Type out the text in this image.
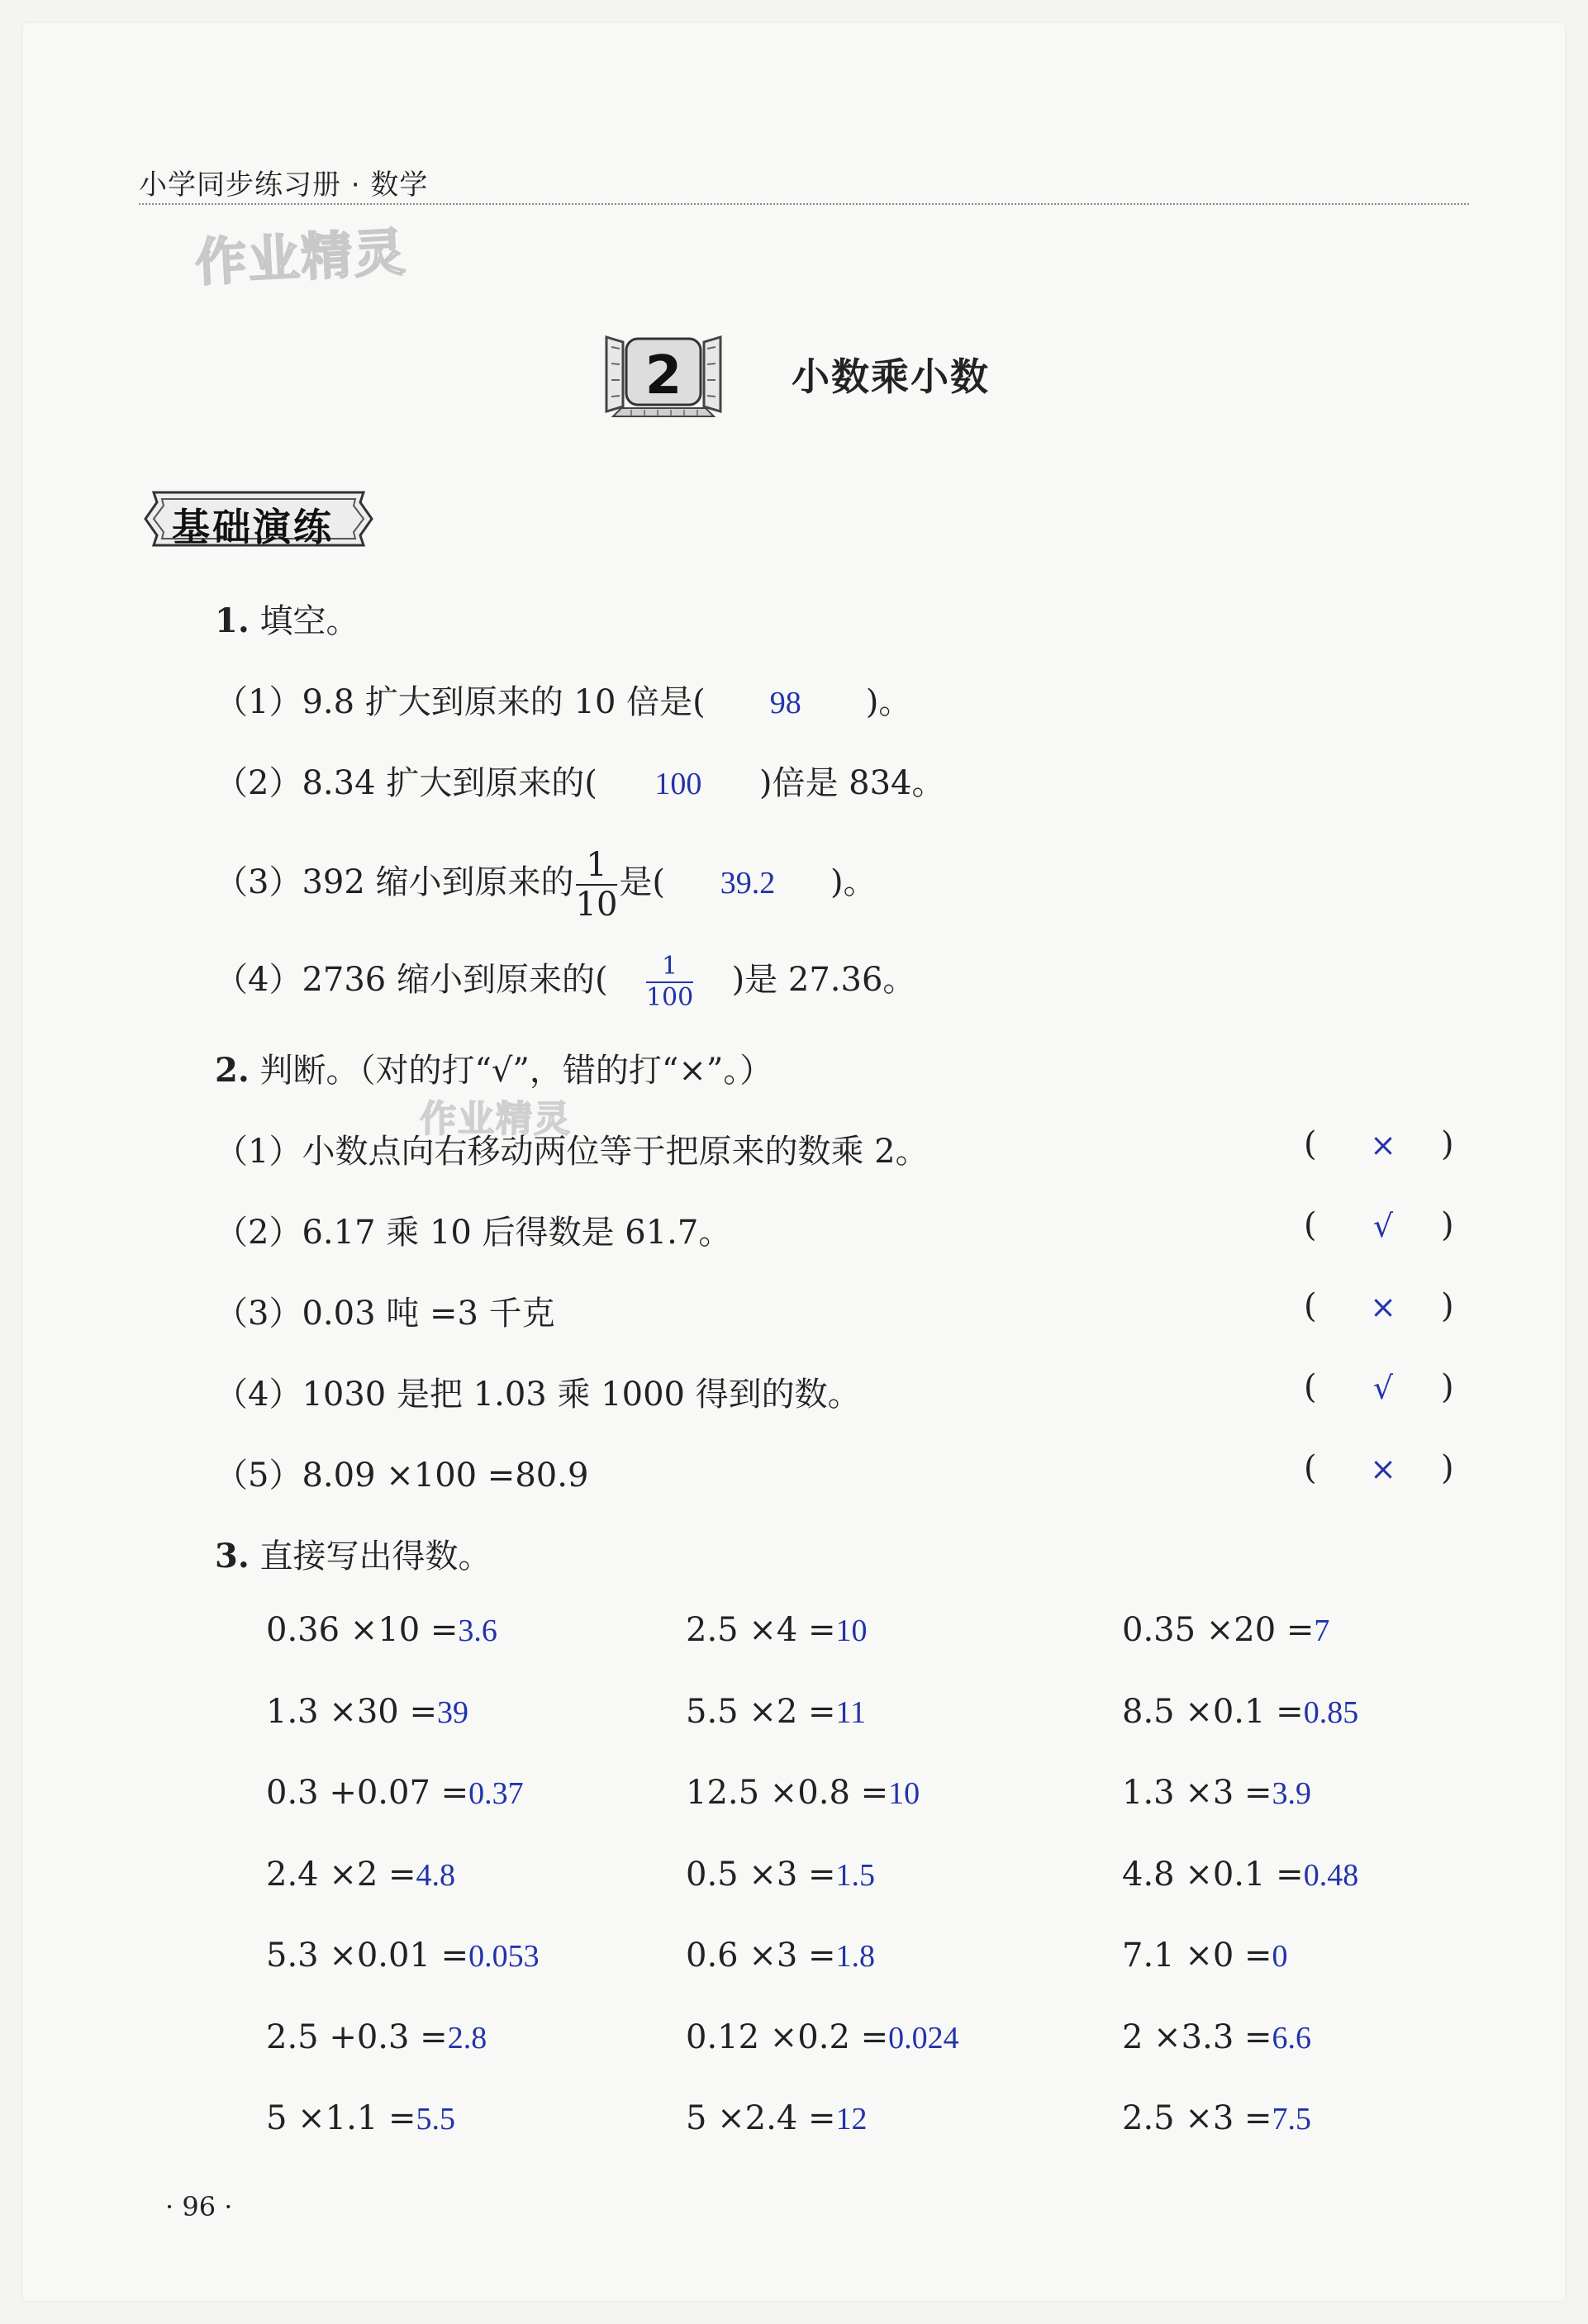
小学同步练习册 · 数学
作业精灵
作业精灵
2	小数乘小数
基础演练
1. 填空。
（1）9.8 扩大到原来的 10 倍是( 98 )。
（2）8.34 扩大到原来的( 100 )倍是 834。
（3）392 缩小到原来的 $\frac{1}{10}$ 是( 39.2 )。
（4）2736 缩小到原来的( $\frac{1}{100}$ )是 27.36。
2. 判断。（对的打“√”，错的打“×”。）
（1）小数点向右移动两位等于把原来的数乘 2。	(	×	)
（2）6.17 乘 10 后得数是 61.7。	(	√	)
（3）0.03 吨 =3 千克	(	×	)
（4）1030 是把 1.03 乘 1000 得到的数。	(	√	)
（5）8.09 ×100 =80.9	(	×	)
3. 直接写出得数。
0.36 ×10 =3.6	2.5 ×4 =10	0.35 ×20 =7
1.3 ×30 =39	5.5 ×2 =11	8.5 ×0.1 =0.85
0.3 +0.07 =0.37	12.5 ×0.8 =10	1.3 ×3 =3.9
2.4 ×2 =4.8	0.5 ×3 =1.5	4.8 ×0.1 =0.48
5.3 ×0.01 =0.053	0.6 ×3 =1.8	7.1 ×0 =0
2.5 +0.3 =2.8	0.12 ×0.2 =0.024	2 ×3.3 =6.6
5 ×1.1 =5.5	5 ×2.4 =12	2.5 ×3 =7.5
· 96 ·
